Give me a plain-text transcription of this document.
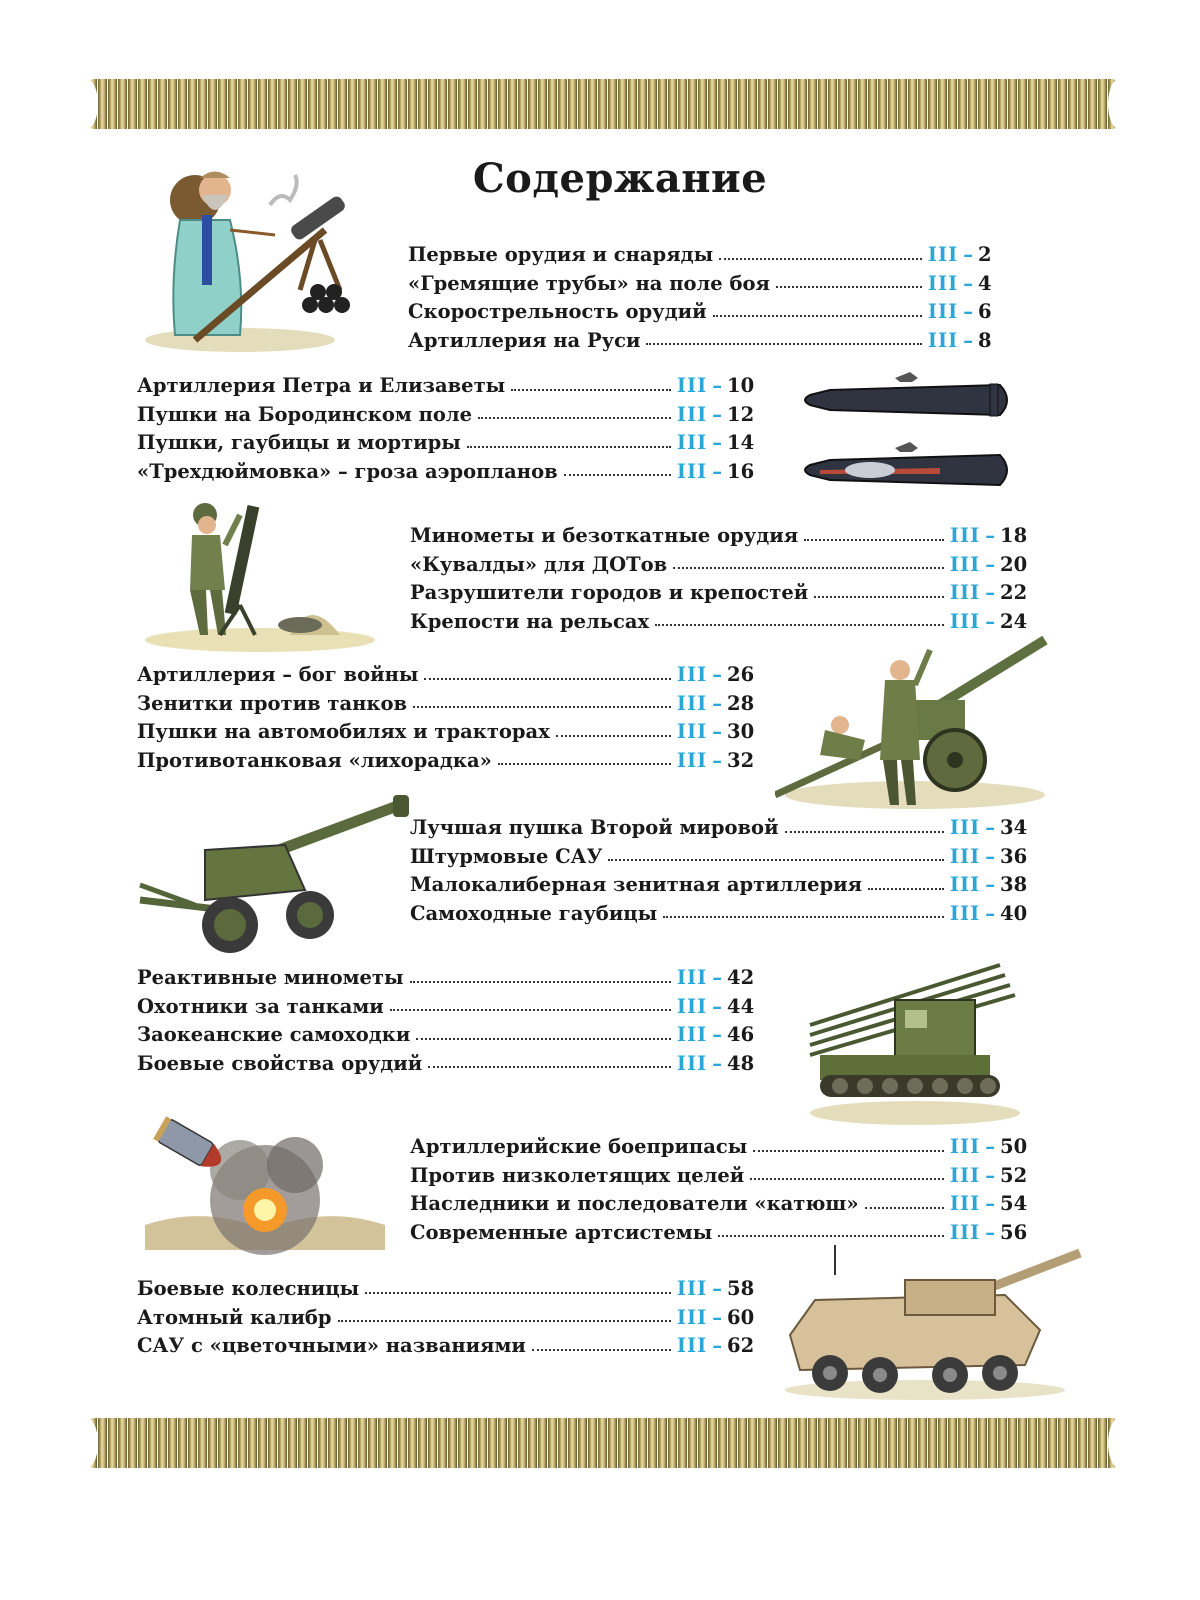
Содержание
Первые орудия и снаряды	III – 2
«Гремящие трубы» на поле боя	III – 4
Скорострельность орудий	III – 6
Артиллерия на Руси	III – 8
Артиллерия Петра и Елизаветы	III – 10
Пушки на Бородинском поле	III – 12
Пушки, гаубицы и мортиры	III – 14
«Трехдюймовка» – гроза аэропланов	III – 16
Минометы и безоткатные орудия	III – 18
«Кувалды» для ДОТов	III – 20
Разрушители городов и крепостей	III – 22
Крепости на рельсах	III – 24
Артиллерия – бог войны	III – 26
Зенитки против танков	III – 28
Пушки на автомобилях и тракторах	III – 30
Противотанковая «лихорадка»	III – 32
Лучшая пушка Второй мировой	III – 34
Штурмовые САУ	III – 36
Малокалиберная зенитная артиллерия	III – 38
Самоходные гаубицы	III – 40
Реактивные минометы	III – 42
Охотники за танками	III – 44
Заокеанские самоходки	III – 46
Боевые свойства орудий	III – 48
Артиллерийские боеприпасы	III – 50
Против низколетящих целей	III – 52
Наследники и последователи «катюш»	III – 54
Современные артсистемы	III – 56
Боевые колесницы	III – 58
Атомный калибр	III – 60
САУ с «цветочными» названиями	III – 62
